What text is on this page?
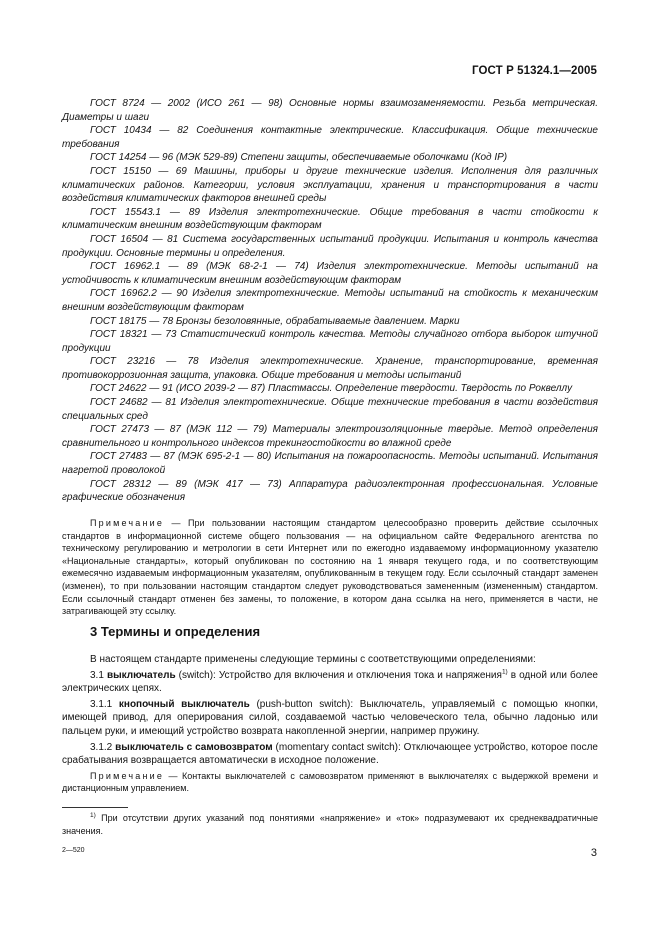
ГОСТ Р 51324.1—2005

ГОСТ 8724 — 2002 (ИСО 261 — 98) Основные нормы взаимозаменяемости. Резьба метрическая. Диаметры и шаги

ГОСТ 10434 — 82 Соединения контактные электрические. Классификация. Общие технические требования

ГОСТ 14254 — 96 (МЭК 529-89) Степени защиты, обеспечиваемые оболочками (Код IP)

ГОСТ 15150 — 69 Машины, приборы и другие технические изделия. Исполнения для различных климатических районов. Категории, условия эксплуатации, хранения и транспортирования в части воздействия климатических факторов внешней среды

ГОСТ 15543.1 — 89 Изделия электротехнические. Общие требования в части стойкости к климатическим внешним воздействующим факторам

ГОСТ 16504 — 81 Система государственных испытаний продукции. Испытания и контроль качества продукции. Основные термины и определения.

ГОСТ 16962.1 — 89 (МЭК 68-2-1 — 74) Изделия электротехнические. Методы испытаний на устойчивость к климатическим внешним воздействующим факторам

ГОСТ 16962.2 — 90 Изделия электротехнические. Методы испытаний на стойкость к механическим внешним воздействующим факторам

ГОСТ 18175 — 78 Бронзы безоловянные, обрабатываемые давлением. Марки

ГОСТ 18321 — 73 Статистический контроль качества. Методы случайного отбора выборок штучной продукции

ГОСТ 23216 — 78 Изделия электротехнические. Хранение, транспортирование, временная противокоррозионная защита, упаковка. Общие требования и методы испытаний

ГОСТ 24622 — 91 (ИСО 2039-2 — 87) Пластмассы. Определение твердости. Твердость по Роквеллу

ГОСТ 24682 — 81 Изделия электротехнические. Общие технические требования в части воздействия специальных сред

ГОСТ 27473 — 87 (МЭК 112 — 79) Материалы электроизоляционные твердые. Метод определения сравнительного и контрольного индексов трекингостойкости во влажной среде

ГОСТ 27483 — 87 (МЭК 695-2-1 — 80) Испытания на пожароопасность. Методы испытаний. Испытания нагретой проволокой

ГОСТ 28312 — 89 (МЭК 417 — 73) Аппаратура радиоэлектронная профессиональная. Условные графические обозначения

Примечание — При пользовании настоящим стандартом целесообразно проверить действие ссылочных стандартов в информационной системе общего пользования — на официальном сайте Федерального агентства по техническому регулированию и метрологии в сети Интернет или по ежегодно издаваемому информационному указателю «Национальные стандарты», который опубликован по состоянию на 1 января текущего года, и по соответствующим ежемесячно издаваемым информационным указателям, опубликованным в текущем году. Если ссылочный стандарт заменен (изменен), то при пользовании настоящим стандартом следует руководствоваться замененным (измененным) стандартом. Если ссылочный стандарт отменен без замены, то положение, в котором дана ссылка на него, применяется в части, не затрагивающей эту ссылку.

3 Термины и определения

В настоящем стандарте применены следующие термины с соответствующими определениями:

3.1 выключатель (switch): Устройство для включения и отключения тока и напряжения$^{1)}$ в одной или более электрических цепях.

3.1.1 кнопочный выключатель (push-button switch): Выключатель, управляемый с помощью кнопки, имеющей привод, для оперирования силой, создаваемой частью человеческого тела, обычно ладонью или пальцем руки, и имеющий устройство возврата накопленной энергии, например пружину.

3.1.2 выключатель с самовозвратом (momentary contact switch): Отключающее устройство, которое после срабатывания возвращается автоматически в исходное положение.

Примечание — Контакты выключателей с самовозвратом применяют в выключателях с выдержкой времени и дистанционным управлением.

$^{1)}$ При отсутствии других указаний под понятиями «напряжение» и «ток» подразумевают их среднеквадратичные значения.

2—520	3
